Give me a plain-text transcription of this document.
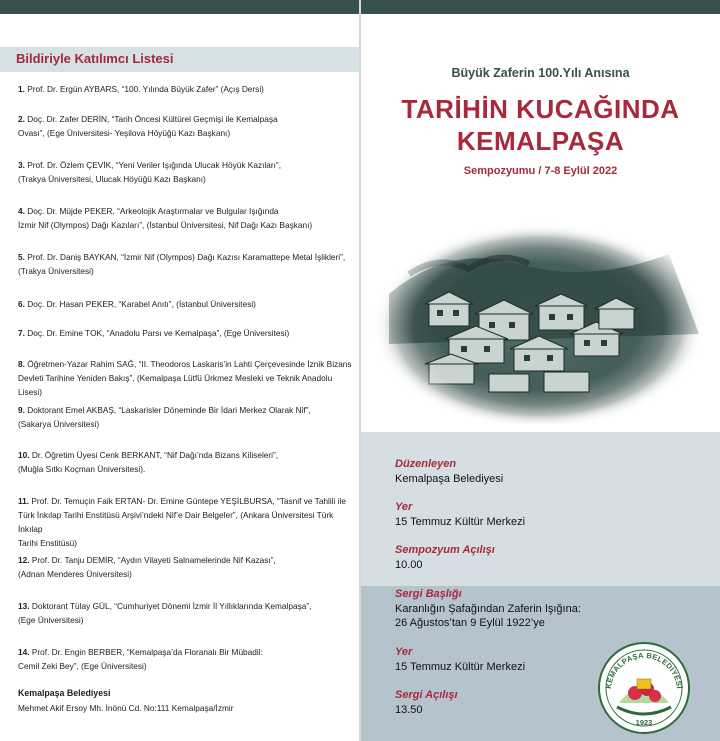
Bildiriyle Katılımcı Listesi
1. Prof. Dr. Ergün AYBARS, “100. Yılında Büyük Zafer” (Açış Dersi)
2. Doç. Dr. Zafer DERİN, “Tarih Öncesi Kültürel Geçmişi ile Kemalpaşa
Ovası”, (Ege Üniversitesi- Yeşilova Höyüğü Kazı Başkanı)
3. Prof. Dr. Özlem ÇEVİK, “Yeni Veriler Işığında Ulucak Höyük Kazıları”,
(Trakya Üniversitesi, Ulucak Höyüğü Kazı Başkanı)
4. Doç. Dr. Müjde PEKER, “Arkeolojik Araştırmalar ve Bulgular Işığında
İzmir Nif (Olympos) Dağı Kazıları”, (İstanbul Üniversitesi, Nif Dağı Kazı Başkanı)
5. Prof. Dr. Daniş BAYKAN, “İzmir Nif (Olympos) Dağı Kazısı Karamattepe Metal İşlikleri”,
(Trakya Üniversitesi)
6. Doç. Dr. Hasan PEKER, “Karabel Anıtı”, (İstanbul Üniversitesi)
7. Doç. Dr. Emine TOK, “Anadolu Parsı ve Kemalpaşa”, (Ege Üniversitesi)
8. Öğretmen-Yazar Rahim SAĞ, “II. Theodoros Laskaris’in Lahti Çerçevesinde İznik Bizans
Devleti Tarihine Yeniden Bakış”, (Kemalpaşa Lütfü Ürkmez Mesleki ve Teknik Anadolu Lisesi)
9. Doktorant Emel AKBAŞ, “Laskarisler Döneminde Bir İdari Merkez Olarak Nif”,
(Sakarya Üniversitesi)
10. Dr. Öğretim Üyesi Cenk BERKANT, “Nif Dağı’nda Bizans Kiliseleri”,
(Muğla Sıtkı Koçman Üniversitesi).
11. Prof. Dr. Temuçin Faik ERTAN- Dr. Emine Güntepe YEŞİLBURSA, “Tasnif ve Tahlili ile
Türk İnkılap Tarihi Enstitüsü Arşivi’ndeki Nif’e Dair Belgeler”, (Ankara Üniversitesi Türk İnkılap
Tarihi Enstitüsü)
12. Prof. Dr. Tanju DEMİR, “Aydın Vilayeti Salnamelerinde Nif Kazası”,
(Adnan Menderes Üniversitesi)
13. Doktorant Tülay GÜL, “Cumhuriyet Dönemi İzmir İl Yıllıklarında Kemalpaşa”,
(Ege Üniversitesi)
14. Prof. Dr. Engin BERBER, “Kemalpaşa’da Floranalı Bir Mübadil:
Cemil Zeki Bey”, (Ege Üniversitesi)
Kemalpaşa Belediyesi
Mehmet Akif Ersoy Mh. İnönü Cd. No:111 Kemalpaşa/İzmir
Büyük Zaferin 100.Yılı Anısına
TARİHİN KUCAĞINDA
KEMALPAŞA
Sempozyumu / 7-8 Eylül 2022
Düzenleyen
Kemalpaşa Belediyesi
Yer
15 Temmuz Kültür Merkezi
Sempozyum Açılışı
10.00
Sergi Başlığı
Karanlığın Şafağından Zaferin Işığına:
26 Ağustos’tan 9 Eylül 1922’ye
Yer
15 Temmuz Kültür Merkezi
Sergi Açılışı
13.50
KEMALPAŞA BELEDİYESİ
1923
